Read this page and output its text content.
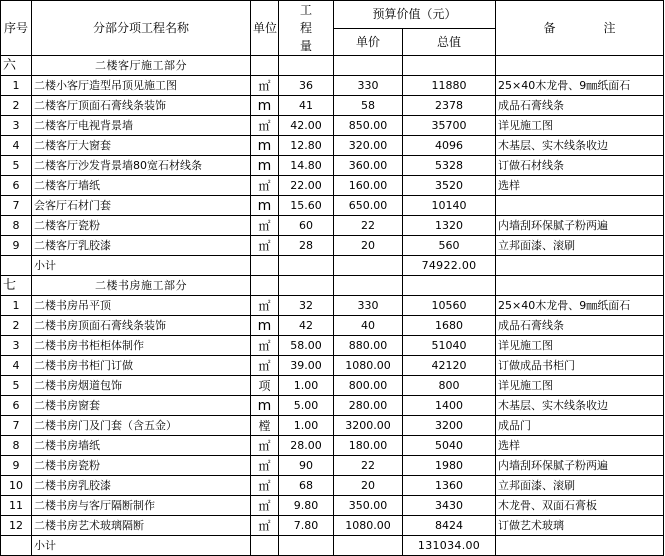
序号	分部分项工程名称	单位	工程量	预算价值（元）		备　　　　注
				单价	总值	
六	二楼客厅施工部分					
1	二楼小客厅造型吊顶见施工图	㎡	36	330	11880	25×40木龙骨、9㎜纸面石
2	二楼客厅顶面石膏线条装饰	m	41	58	2378	成品石膏线条
3	二楼客厅电视背景墙	㎡	42.00	850.00	35700	详见施工图
4	二楼客厅大窗套	m	12.80	320.00	4096	木基层、实木线条收边
5	二楼客厅沙发背景墙80宽石材线条	m	14.80	360.00	5328	订做石材线条
6	二楼客厅墙纸	㎡	22.00	160.00	3520	选样
7	会客厅石材门套	m	15.60	650.00	10140	
8	二楼客厅瓷粉	㎡	60	22	1320	内墙刮环保腻子粉两遍
9	二楼客厅乳胶漆	㎡	28	20	560	立邦面漆、滚刷
	小计				74922.00	
七	二楼书房施工部分					
1	二楼书房吊平顶	㎡	32	330	10560	25×40木龙骨、9㎜纸面石
2	二楼书房顶面石膏线条装饰	m	42	40	1680	成品石膏线条
3	二楼书房书柜柜体制作	㎡	58.00	880.00	51040	详见施工图
4	二楼书房书柜门订做	㎡	39.00	1080.00	42120	订做成品书柜门
5	二楼书房烟道包饰	项	1.00	800.00	800	详见施工图
6	二楼书房窗套	m	5.00	280.00	1400	木基层、实木线条收边
7	二楼书房门及门套（含五金）	樘	1.00	3200.00	3200	成品门
8	二楼书房墙纸	㎡	28.00	180.00	5040	选样
9	二楼书房瓷粉	㎡	90	22	1980	内墙刮环保腻子粉两遍
10	二楼书房乳胶漆	㎡	68	20	1360	立邦面漆、滚刷
11	二楼书房与客厅隔断制作	㎡	9.80	350.00	3430	木龙骨、双面石膏板
12	二楼书房艺术玻璃隔断	㎡	7.80	1080.00	8424	订做艺术玻璃
	小计				131034.00	
